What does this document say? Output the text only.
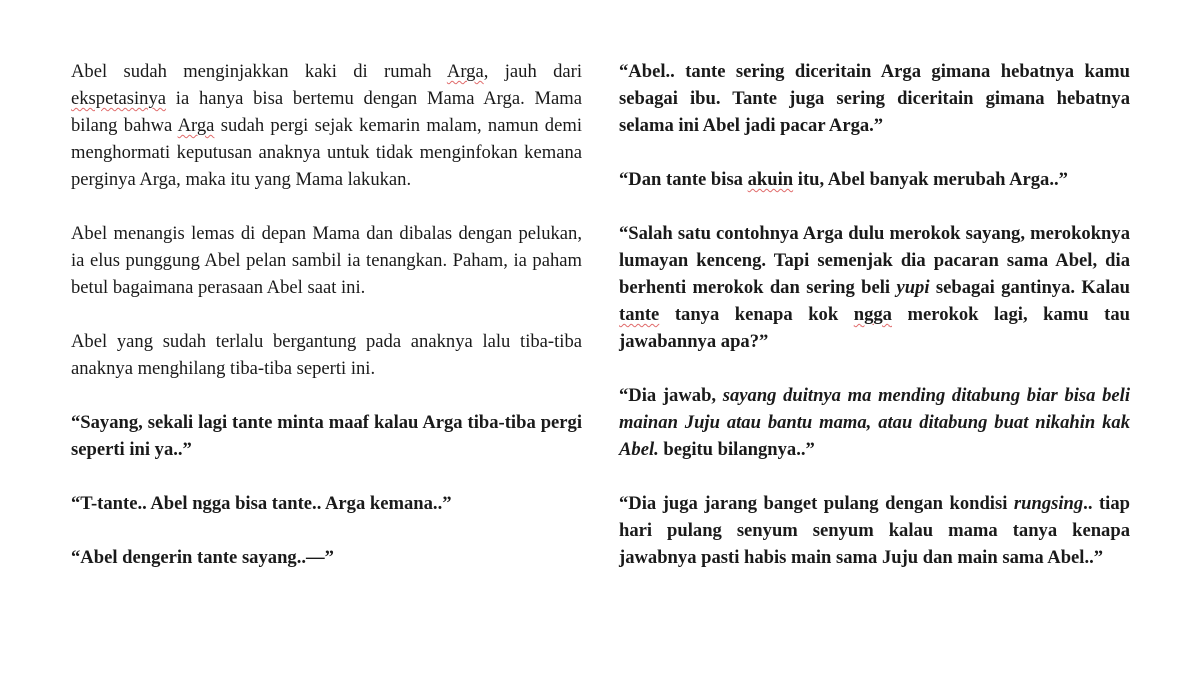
Abel sudah menginjakkan kaki di rumah Arga, jauh dari ekspetasinya ia hanya bisa bertemu dengan Mama Arga. Mama bilang bahwa Arga sudah pergi sejak kemarin malam, namun demi menghormati keputusan anaknya untuk tidak menginfokan kemana perginya Arga, maka itu yang Mama lakukan.

Abel menangis lemas di depan Mama dan dibalas dengan pelukan, ia elus punggung Abel pelan sambil ia tenangkan. Paham, ia paham betul bagaimana perasaan Abel saat ini.

Abel yang sudah terlalu bergantung pada anaknya lalu tiba-tiba anaknya menghilang tiba-tiba seperti ini.

“Sayang, sekali lagi tante minta maaf kalau Arga tiba-tiba pergi seperti ini ya..”

“T-tante.. Abel ngga bisa tante.. Arga kemana..”

“Abel dengerin tante sayang..—”

“Abel.. tante sering diceritain Arga gimana hebatnya kamu sebagai ibu. Tante juga sering diceritain gimana hebatnya selama ini Abel jadi pacar Arga.”

“Dan tante bisa akuin itu, Abel banyak merubah Arga..”

“Salah satu contohnya Arga dulu merokok sayang, merokoknya lumayan kenceng. Tapi semenjak dia pacaran sama Abel, dia berhenti merokok dan sering beli yupi sebagai gantinya. Kalau tante tanya kenapa kok ngga merokok lagi, kamu tau jawabannya apa?”

“Dia jawab, sayang duitnya ma mending ditabung biar bisa beli mainan Juju atau bantu mama, atau ditabung buat nikahin kak Abel. begitu bilangnya..”

“Dia juga jarang banget pulang dengan kondisi rungsing.. tiap hari pulang senyum senyum kalau mama tanya kenapa jawabnya pasti habis main sama Juju dan main sama Abel..”
